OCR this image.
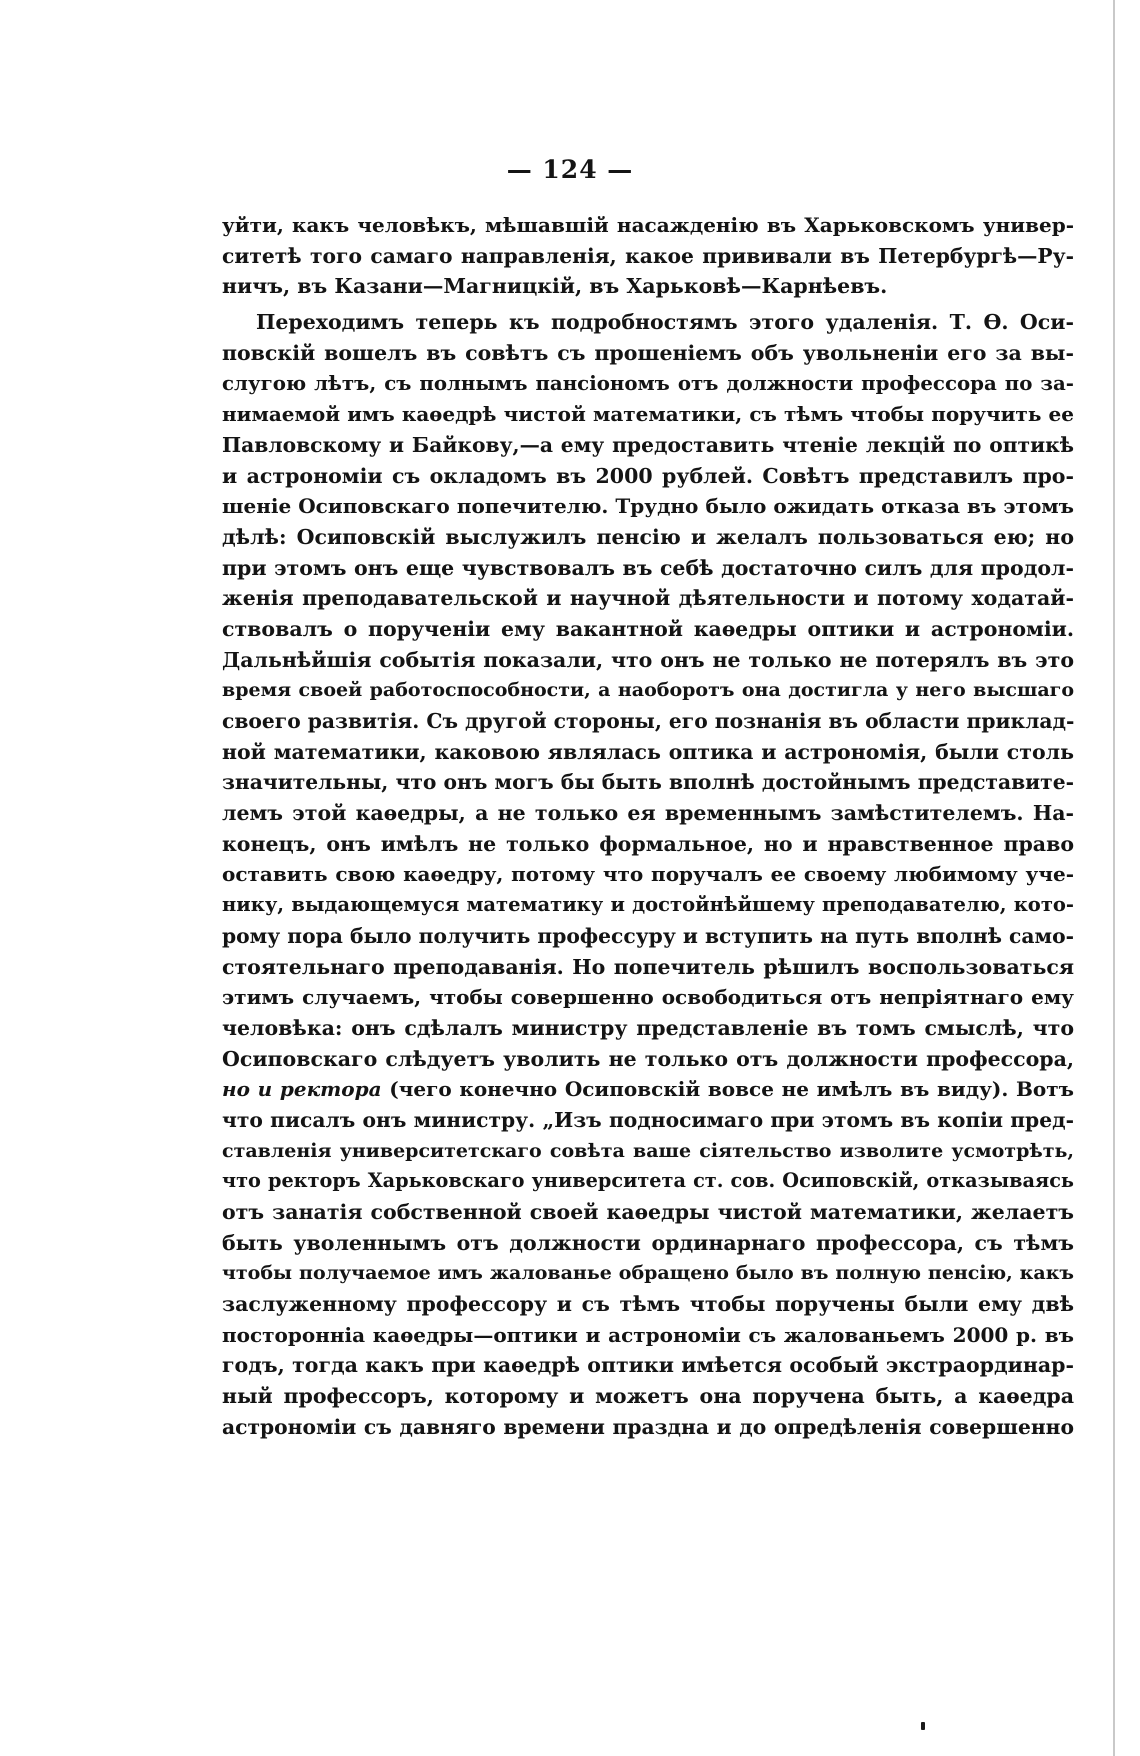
— 124 —
уйти, какъ человѣкъ, мѣшавшій насажденію въ Харьковскомъ универ-
ситетѣ того самаго направленія, какое прививали въ Петербургѣ—Ру-
ничъ, въ Казани—Магницкій, въ Харьковѣ—Карнѣевъ.
Переходимъ теперь къ подробностямъ этого удаленія. Т. Ѳ. Оси-
повскій вошелъ въ совѣтъ съ прошеніемъ объ увольненіи его за вы-
слугою лѣтъ, съ полнымъ пансіономъ отъ должности профессора по за-
нимаемой имъ каѳедрѣ чистой математики, съ тѣмъ чтобы поручить ее
Павловскому и Байкову,—а ему предоставить чтеніе лекцій по оптикѣ
и астрономіи съ окладомъ въ 2000 рублей. Совѣтъ представилъ про-
шеніе Осиповскаго попечителю. Трудно было ожидать отказа въ этомъ
дѣлѣ: Осиповскій выслужилъ пенсію и желалъ пользоваться ею; но
при этомъ онъ еще чувствовалъ въ себѣ достаточно силъ для продол-
женія преподавательской и научной дѣятельности и потому ходатай-
ствовалъ о порученіи ему вакантной каѳедры оптики и астрономіи.
Дальнѣйшія событія показали, что онъ не только не потерялъ въ это
время своей работоспособности, а наоборотъ она достигла у него высшаго
своего развитія. Съ другой стороны, его познанія въ области приклад-
ной математики, каковою являлась оптика и астрономія, были столь
значительны, что онъ могъ бы быть вполнѣ достойнымъ представите-
лемъ этой каѳедры, а не только ея временнымъ замѣстителемъ. На-
конецъ, онъ имѣлъ не только формальное, но и нравственное право
оставить свою каѳедру, потому что поручалъ ее своему любимому уче-
нику, выдающемуся математику и достойнѣйшему преподавателю, кото-
рому пора было получить профессуру и вступить на путь вполнѣ само-
стоятельнаго преподаванія. Но попечитель рѣшилъ воспользоваться
этимъ случаемъ, чтобы совершенно освободиться отъ непріятнаго ему
человѣка: онъ сдѣлалъ министру представленіе въ томъ смыслѣ, что
Осиповскаго слѣдуетъ уволить не только отъ должности профессора,
но и ректора (чего конечно Осиповскій вовсе не имѣлъ въ виду). Вотъ
что писалъ онъ министру. „Изъ подносимаго при этомъ въ копіи пред-
ставленія университетскаго совѣта ваше сіятельство изволите усмотрѣть,
что ректоръ Харьковскаго университета ст. сов. Осиповскій, отказываясь
отъ занатія собственной своей каѳедры чистой математики, желаетъ
быть уволеннымъ отъ должности ординарнаго профессора, съ тѣмъ
чтобы получаемое имъ жалованье обращено было въ полную пенсію, какъ
заслуженному профессору и съ тѣмъ чтобы поручены были ему двѣ
посторонніа каѳедры—оптики и астрономіи съ жалованьемъ 2000 р. въ
годъ, тогда какъ при каѳедрѣ оптики имѣется особый экстраординар-
ный профессоръ, которому и можетъ она поручена быть, а каѳедра
астрономіи съ давняго времени праздна и до опредѣленія совершенно
